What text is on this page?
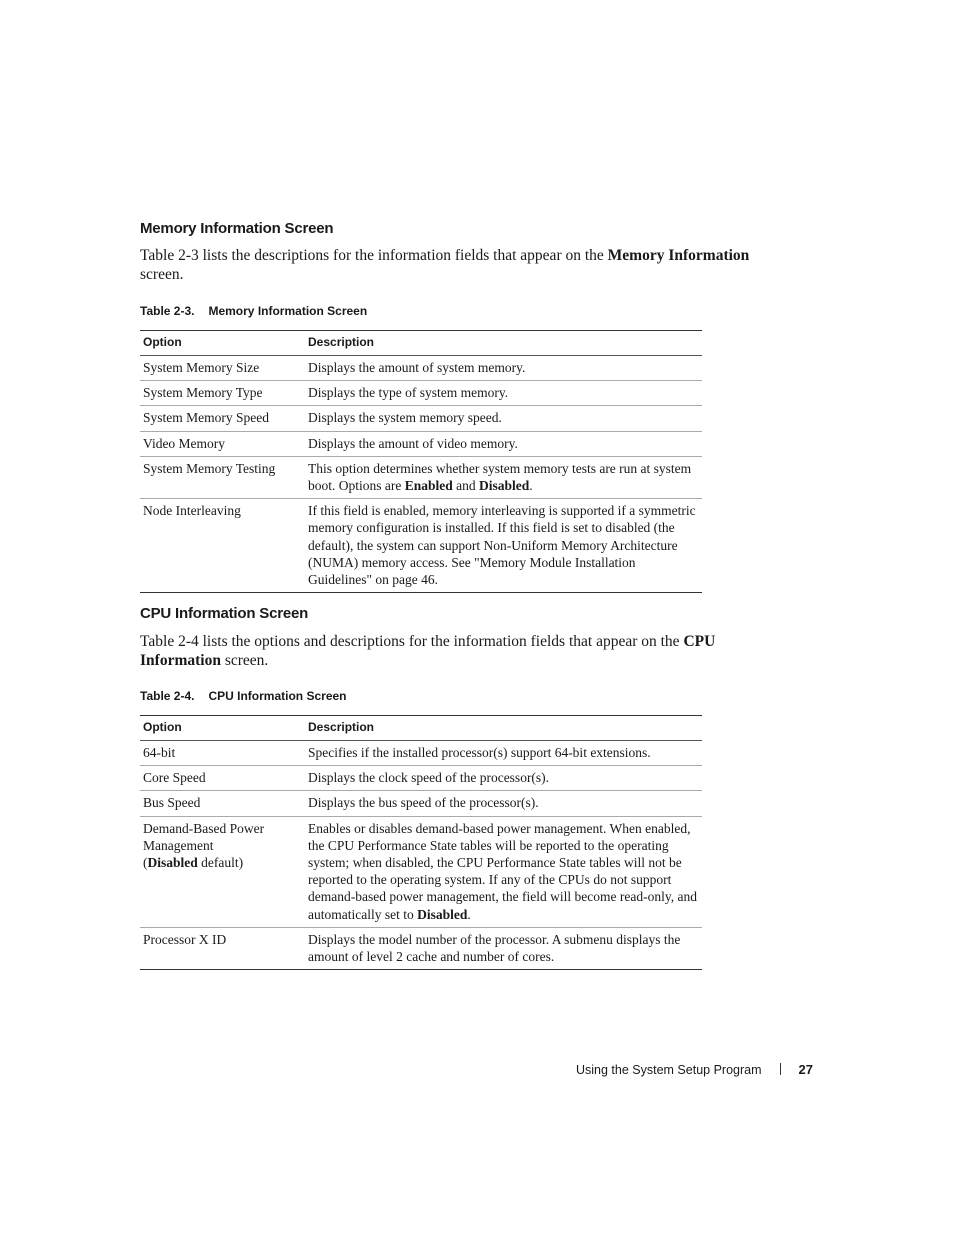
Memory Information Screen

Table 2-3 lists the descriptions for the information fields that appear on the Memory Information screen.

Table 2-3. Memory Information Screen
Option	Description
System Memory Size	Displays the amount of system memory.
System Memory Type	Displays the type of system memory.
System Memory Speed	Displays the system memory speed.
Video Memory	Displays the amount of video memory.
System Memory Testing	This option determines whether system memory tests are run at system boot. Options are Enabled and Disabled.
Node Interleaving	If this field is enabled, memory interleaving is supported if a symmetric memory configuration is installed. If this field is set to disabled (the default), the system can support Non-Uniform Memory Architecture (NUMA) memory access. See "Memory Module Installation Guidelines" on page 46.
CPU Information Screen

Table 2-4 lists the options and descriptions for the information fields that appear on the CPU Information screen.

Table 2-4. CPU Information Screen
Option	Description
64-bit	Specifies if the installed processor(s) support 64-bit extensions.
Core Speed	Displays the clock speed of the processor(s).
Bus Speed	Displays the bus speed of the processor(s).
Demand-Based Power Management
(Disabled default)	Enables or disables demand-based power management. When enabled, the CPU Performance State tables will be reported to the operating system; when disabled, the CPU Performance State tables will not be reported to the operating system. If any of the CPUs do not support demand-based power management, the field will become read-only, and automatically set to Disabled.
Processor X ID	Displays the model number of the processor. A submenu displays the amount of level 2 cache and number of cores.
Using the System Setup Program	27
